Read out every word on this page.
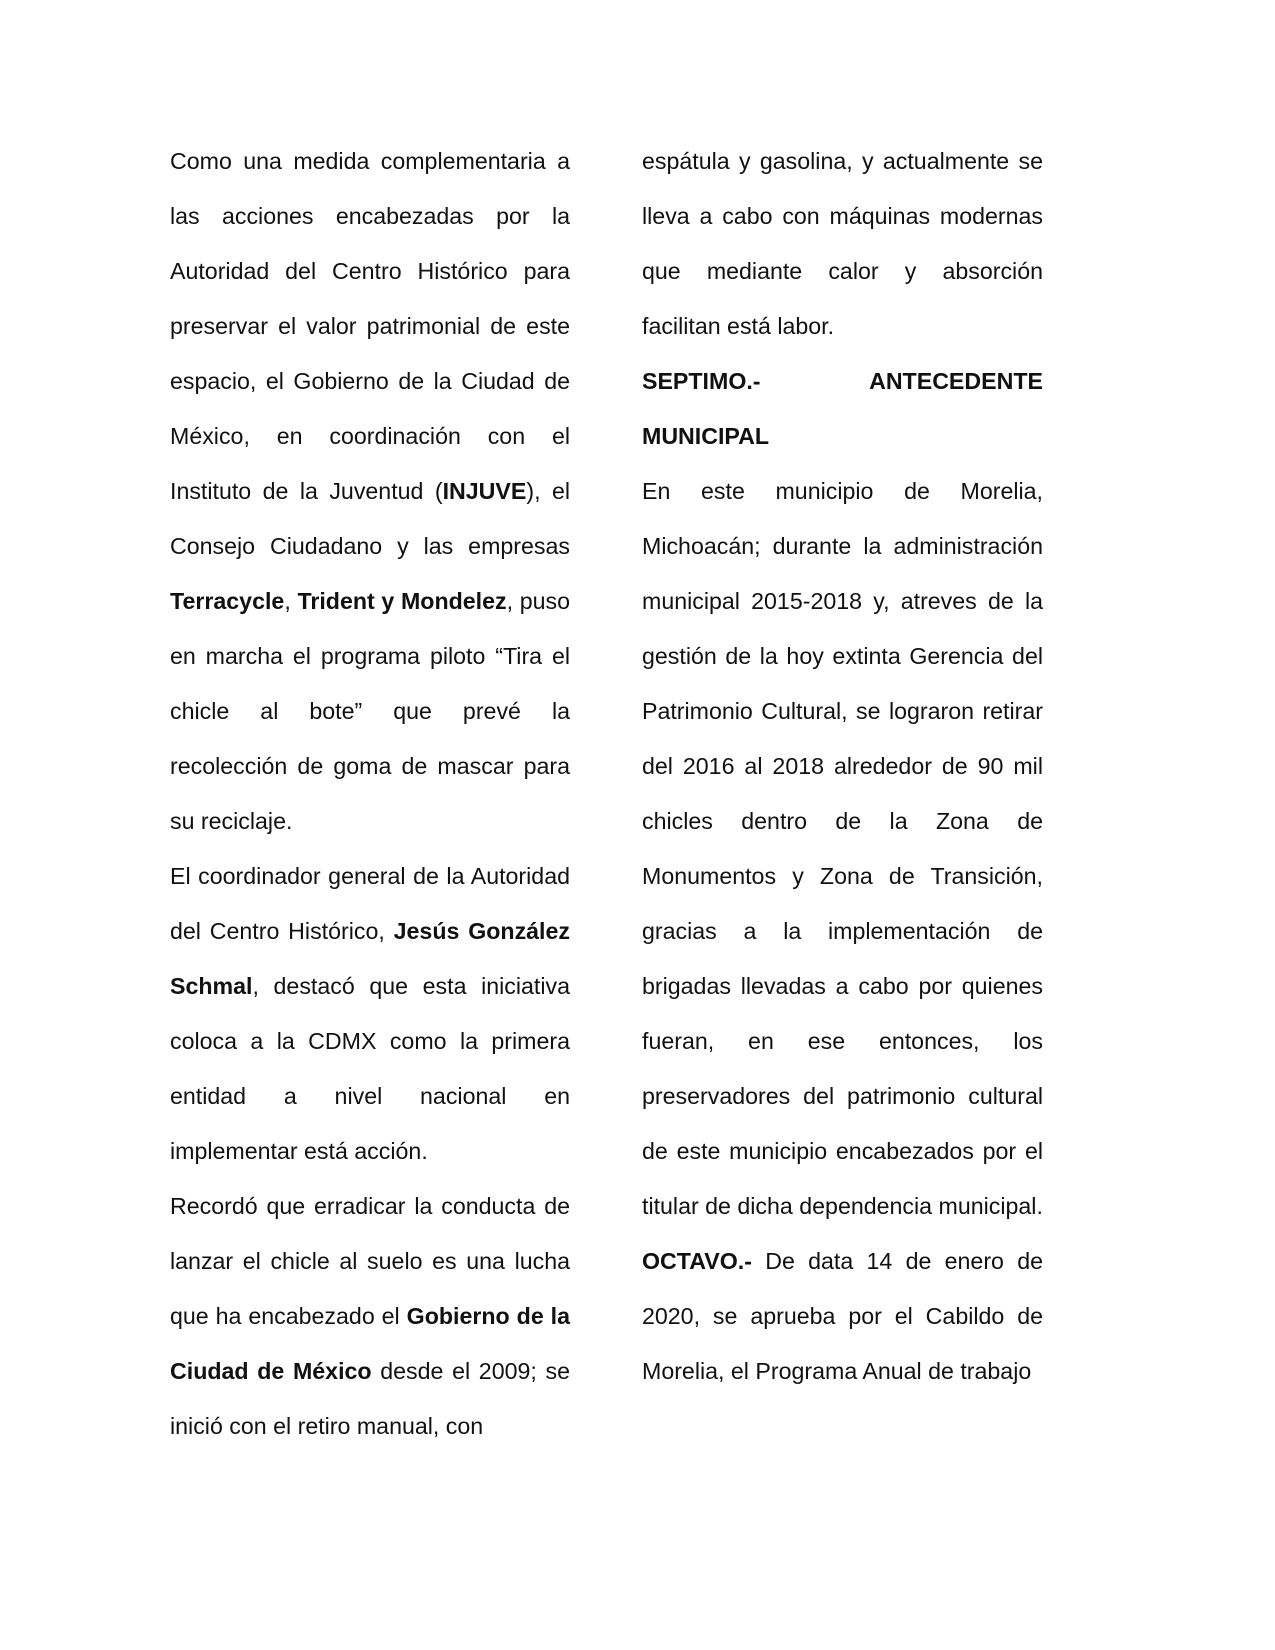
Como una medida complementaria a las acciones encabezadas por la Autoridad del Centro Histórico para preservar el valor patrimonial de este espacio, el Gobierno de la Ciudad de México, en coordinación con el Instituto de la Juventud (INJUVE), el Consejo Ciudadano y las empresas Terracycle, Trident y Mondelez, puso en marcha el programa piloto “Tira el chicle al bote” que prevé la recolección de goma de mascar para su reciclaje.

El coordinador general de la Autoridad del Centro Histórico, Jesús González Schmal, destacó que esta iniciativa coloca a la CDMX como la primera entidad a nivel nacional en implementar está acción.

Recordó que erradicar la conducta de lanzar el chicle al suelo es una lucha que ha encabezado el Gobierno de la Ciudad de México desde el 2009; se inició con el retiro manual, con

espátula y gasolina, y actualmente se lleva a cabo con máquinas modernas que mediante calor y absorción facilitan está labor.

SEPTIMO.- ANTECEDENTE MUNICIPAL

En este municipio de Morelia, Michoacán; durante la administración municipal 2015-2018 y, atreves de la gestión de la hoy extinta Gerencia del Patrimonio Cultural, se lograron retirar del 2016 al 2018 alrededor de 90 mil chicles dentro de la Zona de Monumentos y Zona de Transición, gracias a la implementación de brigadas llevadas a cabo por quienes fueran, en ese entonces, los preservadores del patrimonio cultural de este municipio encabezados por el titular de dicha dependencia municipal.

OCTAVO.- De data 14 de enero de 2020, se aprueba por el Cabildo de Morelia, el Programa Anual de trabajo
